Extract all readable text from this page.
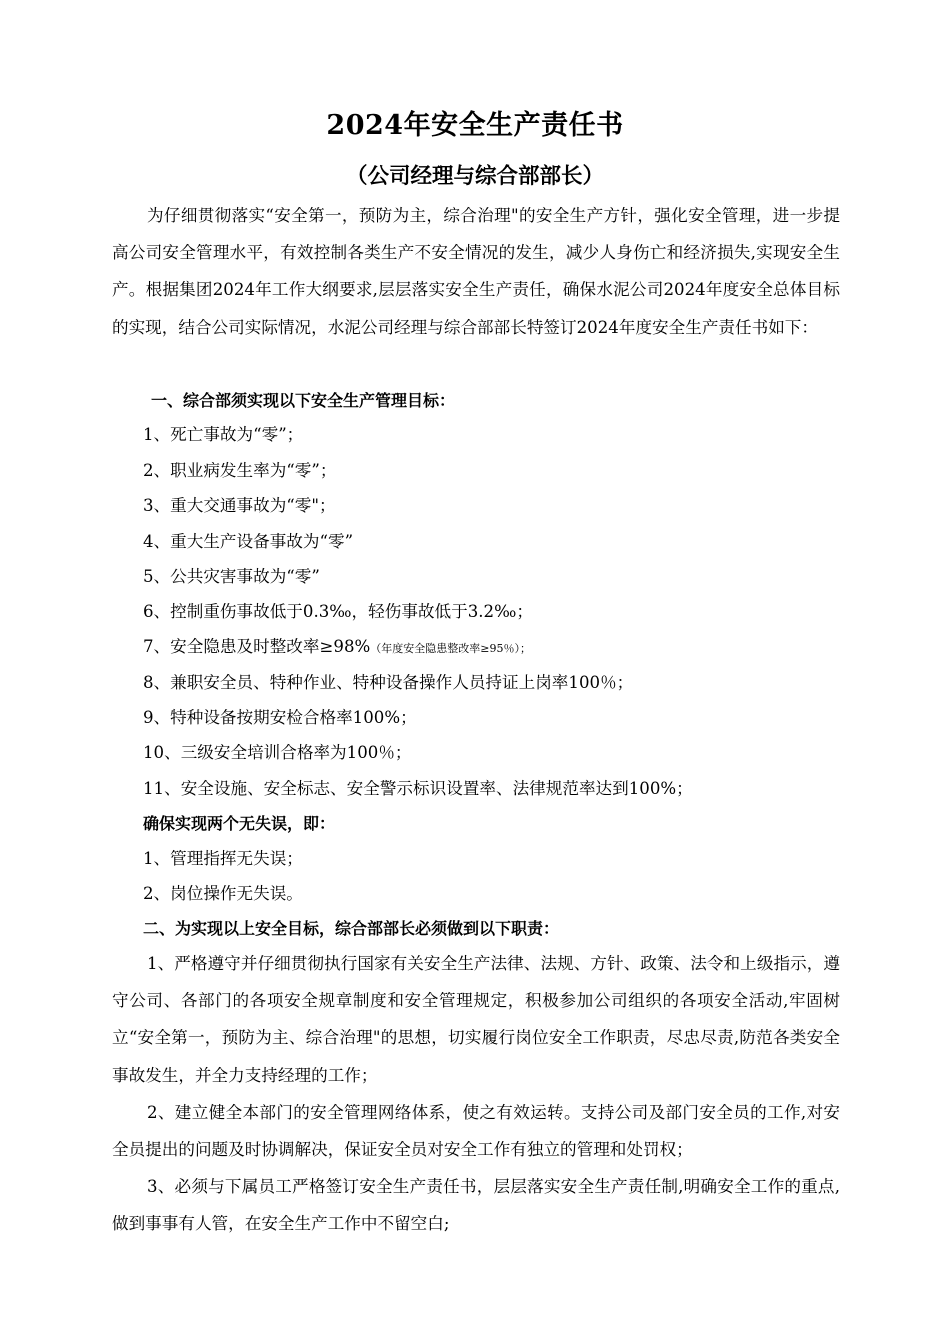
2024年安全生产责任书
（公司经理与综合部部长）
为仔细贯彻落实“安全第一，预防为主，综合治理"的安全生产方针，强化安全管理，进一步提高公司安全管理水平，有效控制各类生产不安全情况的发生，减少人身伤亡和经济损失,实现安全生产。根据集团2024年工作大纲要求,层层落实安全生产责任，确保水泥公司2024年度安全总体目标的实现，结合公司实际情况，水泥公司经理与综合部部长特签订2024年度安全生产责任书如下：
一、综合部须实现以下安全生产管理目标：
1、死亡事故为“零”；
2、职业病发生率为“零”；
3、重大交通事故为“零"；
4、重大生产设备事故为“零”
5、公共灾害事故为“零”
6、控制重伤事故低于0.3‰，轻伤事故低于3.2‰；
7、安全隐患及时整改率≥98%（年度安全隐患整改率≥95％）；
8、兼职安全员、特种作业、特种设备操作人员持证上岗率100％；
9、特种设备按期安检合格率100%；
10、三级安全培训合格率为100％；
11、安全设施、安全标志、安全警示标识设置率、法律规范率达到100%；
确保实现两个无失误，即：
1、管理指挥无失误；
2、岗位操作无失误。
二、为实现以上安全目标，综合部部长必须做到以下职责：
1、严格遵守并仔细贯彻执行国家有关安全生产法律、法规、方针、政策、法令和上级指示，遵守公司、各部门的各项安全规章制度和安全管理规定，积极参加公司组织的各项安全活动,牢固树立“安全第一，预防为主、综合治理"的思想，切实履行岗位安全工作职责，尽忠尽责,防范各类安全事故发生，并全力支持经理的工作；
2、建立健全本部门的安全管理网络体系，使之有效运转。支持公司及部门安全员的工作,对安全员提出的问题及时协调解决，保证安全员对安全工作有独立的管理和处罚权；
3、必须与下属员工严格签订安全生产责任书，层层落实安全生产责任制,明确安全工作的重点,做到事事有人管，在安全生产工作中不留空白;
